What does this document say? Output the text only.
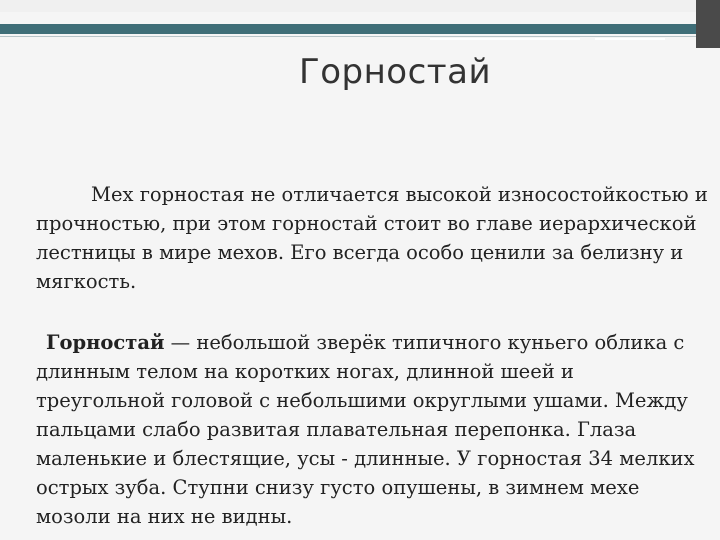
Горностай
Мех горностая не отличается высокой износостойкостью и прочностью, при этом горностай стоит во главе иерархической лестницы в мире мехов. Его всегда особо ценили за белизну и мягкость.
Горностай — небольшой зверёк типичного куньего облика с длинным телом на коротких ногах, длинной шеей и треугольной головой с небольшими округлыми ушами. Между пальцами слабо развитая плавательная перепонка. Глаза маленькие и блестящие, усы - длинные. У горностая 34 мелких острых зуба. Ступни снизу густо опушены, в зимнем мехе мозоли на них не видны.
